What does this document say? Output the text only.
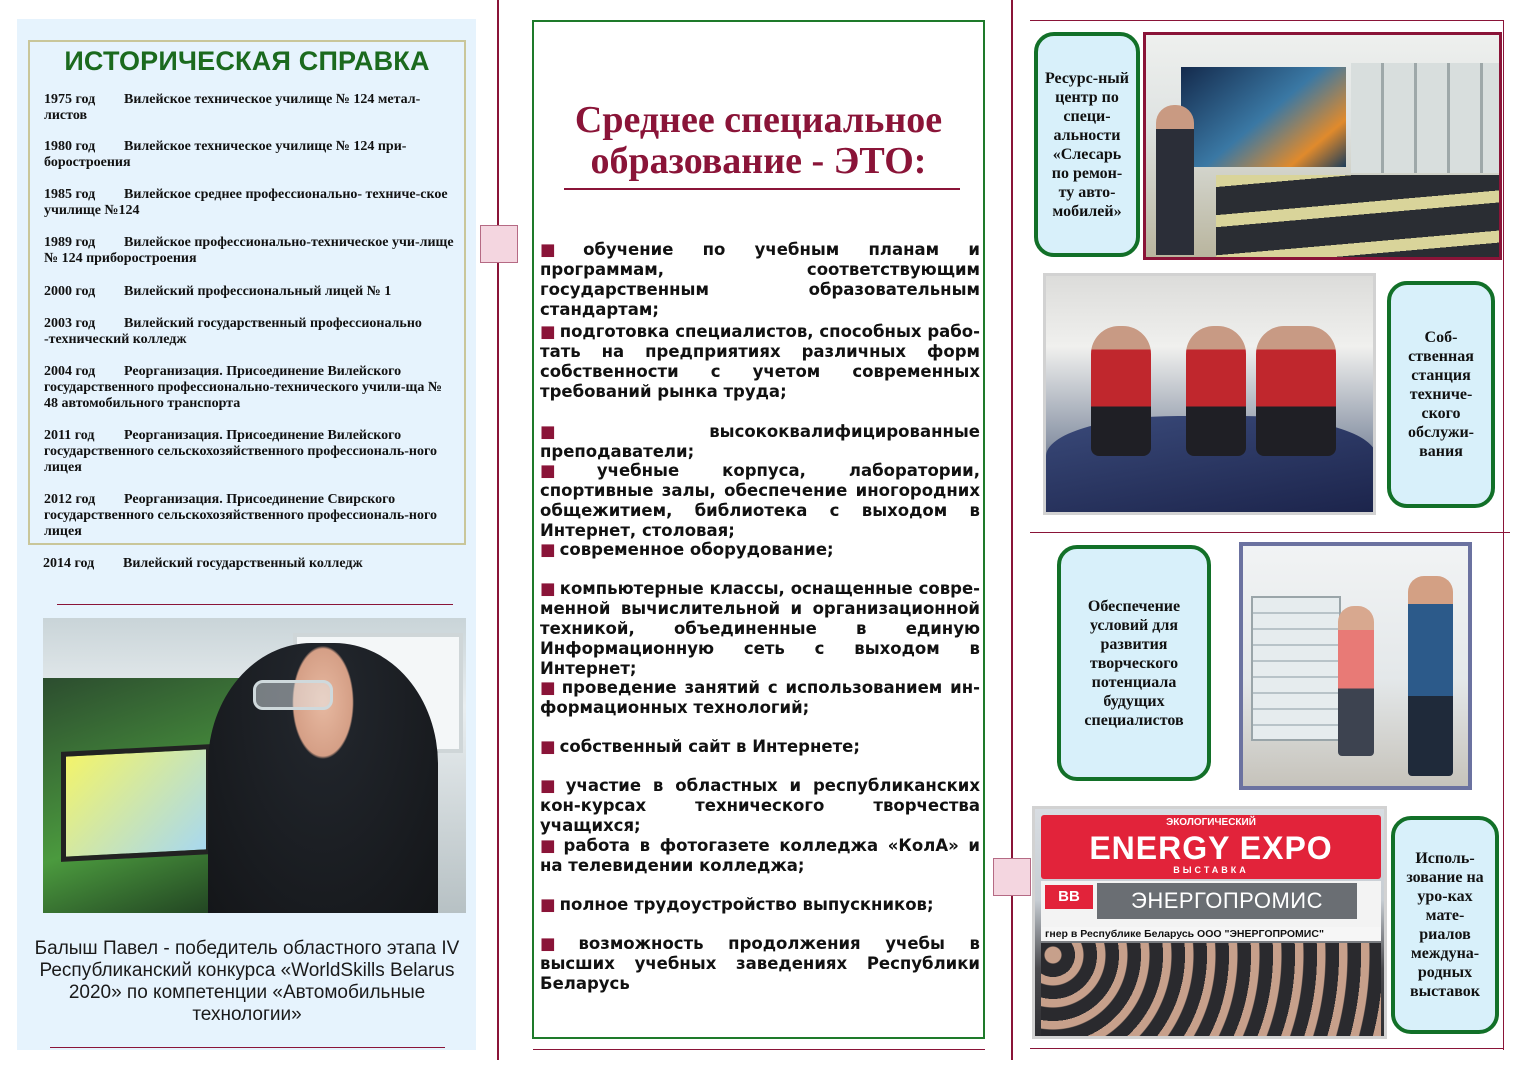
ИСТОРИЧЕСКАЯ СПРАВКА
1975 год Вилейское техническое училище № 124 метал-листов
1980 год Вилейское техническое училище № 124 при-боростроения
1985 год Вилейское среднее профессионально- техниче-ское училище №124
1989 год Вилейское профессионально-техническое учи-лище № 124 приборостроения
2000 год Вилейский профессиональный лицей № 1
2003 год Вилейский государственный профессионально -технический колледж
2004 год Реорганизация. Присоединение Вилейского государственного профессионально-технического учили-ща № 48 автомобильного транспорта
2011 год Реорганизация. Присоединение Вилейского государственного сельскохозяйственного профессиональ-ного лицея
2012 год Реорганизация. Присоединение Свирского государственного сельскохозяйственного профессиональ-ного лицея
2014 год Вилейский государственный колледж
Балыш Павел - победитель областного этапа IV Республиканский конкурса «WorldSkills Belarus 2020» по компетенции «Автомобильные технологии»
Среднее специальное образование - ЭТО:
■ обучение по учебным планам и программам, соответствующим государственным образовательным стандартам;
■ подготовка специалистов, способных рабо-тать на предприятиях различных форм собственности с учетом современных требований рынка труда;
■ высококвалифицированные преподаватели;
■ учебные корпуса, лаборатории, спортивные залы, обеспечение иногородних общежитием, библиотека с выходом в Интернет, столовая;
■ современное оборудование;
■ компьютерные классы, оснащенные совре-менной вычислительной и организационной техникой, объединенные в единую Информационную сеть с выходом в Интернет;
■ проведение занятий с использованием ин-формационных технологий;
■ собственный сайт в Интернете;
■ участие в областных и республиканских кон-курсах технического творчества учащихся;
■ работа в фотогазете колледжа «КолА» и на телевидении колледжа;
■ полное трудоустройство выпускников;
■ возможность продолжения учебы в высших учебных заведениях Республики Беларусь
Ресурс-ный центр по специ-альности «Слесарь по ремон-ту авто-мобилей»
Соб-ственная станция техниче-ского обслужи-вания
Обеспечение условий для развития творческого потенциала будущих специалистов
ЭКОЛОГИЧЕСКИЙ
ENERGY EXPO
ВЫСТАВКА
BB	ЭНЕРГОПРОМИС
гнер в Республике Беларусь ООО "ЭНЕРГОПРОМИС"
Исполь-зование на уро-ках мате-риалов междуна-родных выставок
